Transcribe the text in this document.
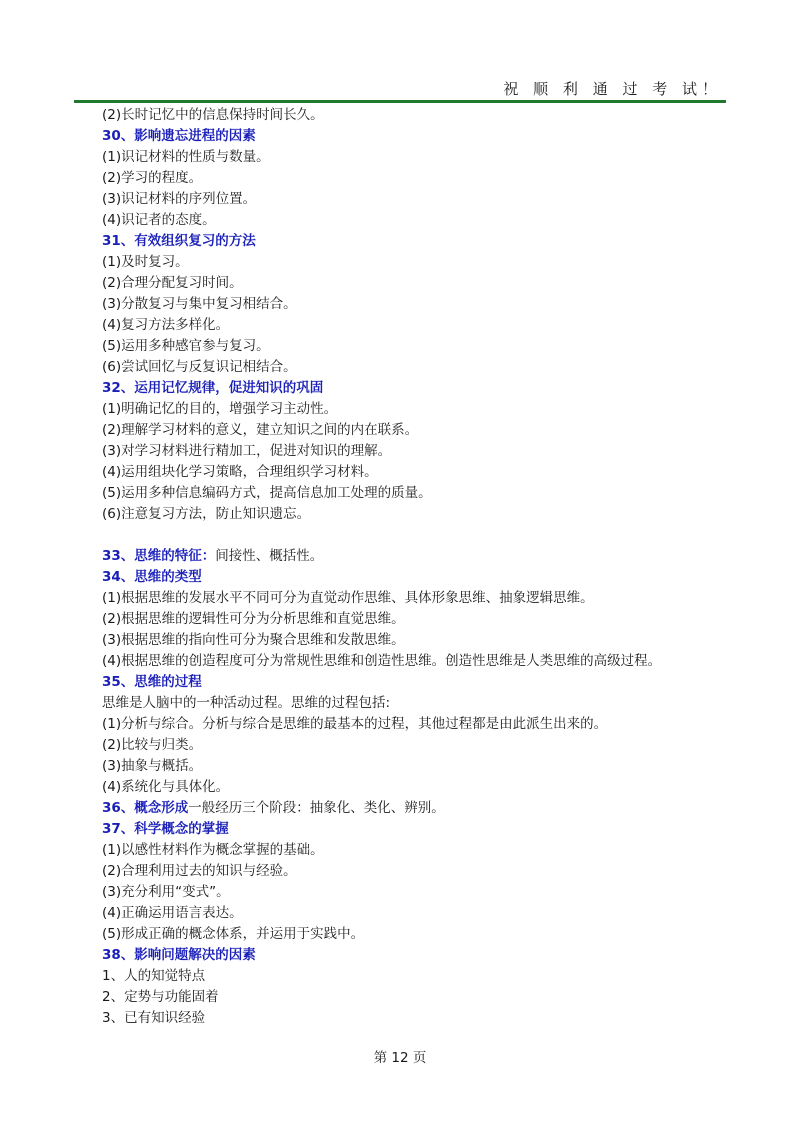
祝 顺 利 通 过 考 试！
(2)长时记忆中的信息保持时间长久。
30、影响遗忘进程的因素
(1)识记材料的性质与数量。
(2)学习的程度。
(3)识记材料的序列位置。
(4)识记者的态度。
31、有效组织复习的方法
(1)及时复习。
(2)合理分配复习时间。
(3)分散复习与集中复习相结合。
(4)复习方法多样化。
(5)运用多种感官参与复习。
(6)尝试回忆与反复识记相结合。
32、运用记忆规律，促进知识的巩固
(1)明确记忆的目的，增强学习主动性。
(2)理解学习材料的意义，建立知识之间的内在联系。
(3)对学习材料进行精加工，促进对知识的理解。
(4)运用组块化学习策略，合理组织学习材料。
(5)运用多种信息编码方式，提高信息加工处理的质量。
(6)注意复习方法，防止知识遗忘。
33、思维的特征：间接性、概括性。
34、思维的类型
(1)根据思维的发展水平不同可分为直觉动作思维、具体形象思维、抽象逻辑思维。
(2)根据思维的逻辑性可分为分析思维和直觉思维。
(3)根据思维的指向性可分为聚合思维和发散思维。
(4)根据思维的创造程度可分为常规性思维和创造性思维。创造性思维是人类思维的高级过程。
35、思维的过程
思维是人脑中的一种活动过程。思维的过程包括:
(1)分析与综合。分析与综合是思维的最基本的过程，其他过程都是由此派生出来的。
(2)比较与归类。
(3)抽象与概括。
(4)系统化与具体化。
36、概念形成一般经历三个阶段：抽象化、类化、辨别。
37、科学概念的掌握
(1)以感性材料作为概念掌握的基础。
(2)合理利用过去的知识与经验。
(3)充分利用“变式”。
(4)正确运用语言表达。
(5)形成正确的概念体系，并运用于实践中。
38、影响问题解决的因素
1、人的知觉特点
2、定势与功能固着
3、已有知识经验
第 12 页
